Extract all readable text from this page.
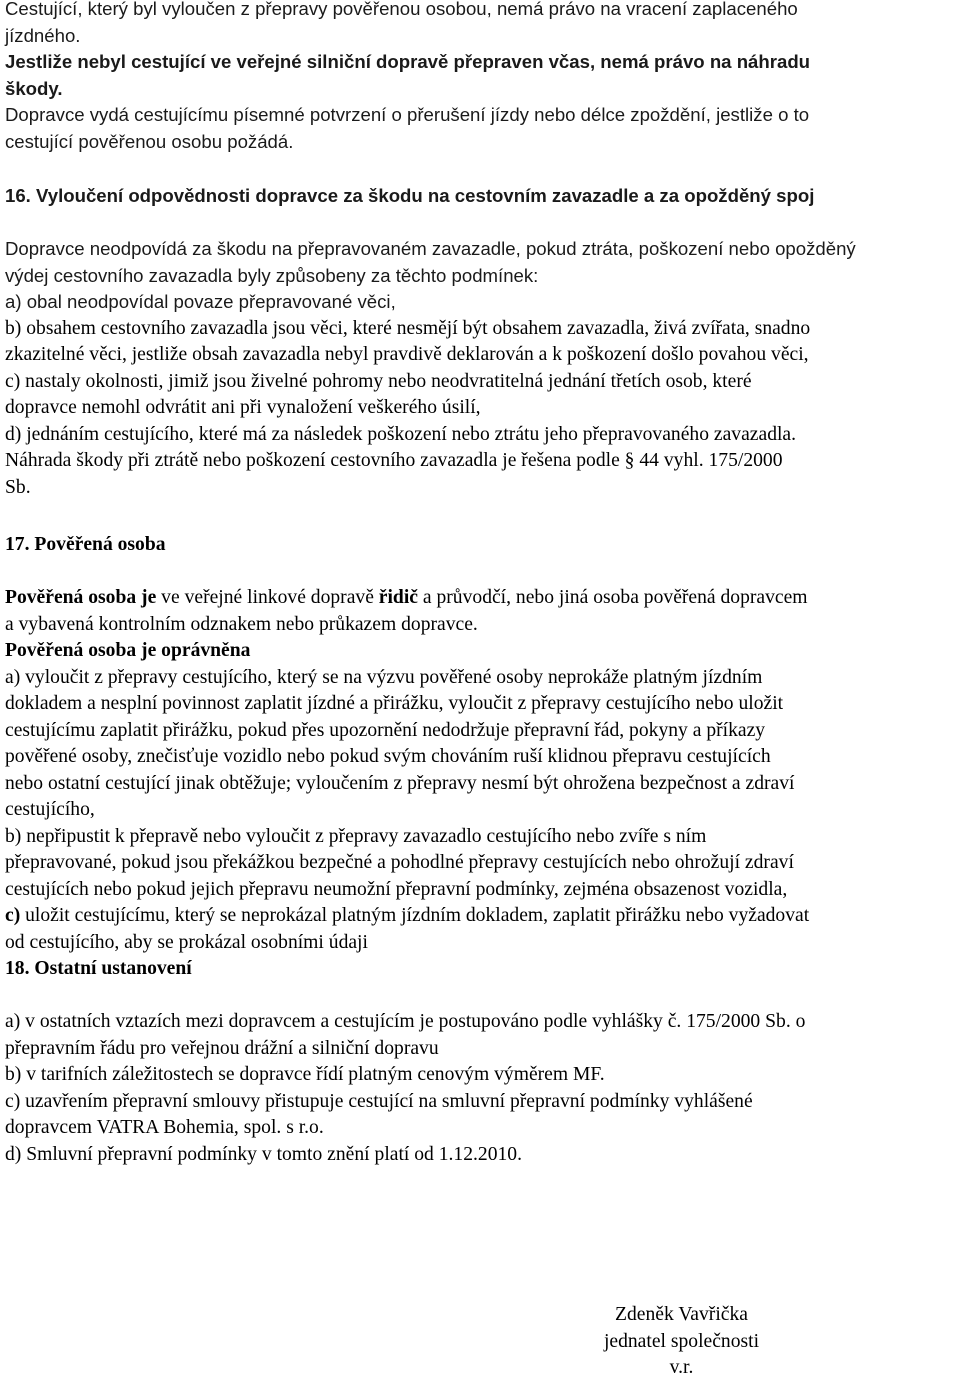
Cestující, který byl vyloučen z přepravy pověřenou osobou, nemá právo na vracení zaplaceného

jízdného.

Jestliže nebyl cestující ve veřejné silniční dopravě přepraven včas, nemá právo na náhradu

škody.

Dopravce vydá cestujícímu písemné potvrzení o přerušení jízdy nebo délce zpoždění, jestliže o to

cestující pověřenou osobu požádá.

16. Vyloučení odpovědnosti dopravce za škodu na cestovním zavazadle a za opožděný spoj

Dopravce neodpovídá za škodu na přepravovaném zavazadle, pokud ztráta, poškození nebo opožděný

výdej cestovního zavazadla byly způsobeny za těchto podmínek:

a) obal neodpovídal povaze přepravované věci,

b) obsahem cestovního zavazadla jsou věci, které nesmějí být obsahem zavazadla, živá zvířata, snadno

zkazitelné věci, jestliže obsah zavazadla nebyl pravdivě deklarován a k poškození došlo povahou věci,

c) nastaly okolnosti, jimiž jsou živelné pohromy nebo neodvratitelná jednání třetích osob, které

dopravce nemohl odvrátit ani při vynaložení veškerého úsilí,

d) jednáním cestujícího, které má za následek poškození nebo ztrátu jeho přepravovaného zavazadla.

Náhrada škody při ztrátě nebo poškození cestovního zavazadla je řešena podle § 44 vyhl. 175/2000

Sb.

17. Pověřená osoba

Pověřená osoba je ve veřejné linkové dopravě řidič a průvodčí, nebo jiná osoba pověřená dopravcem

a vybavená kontrolním odznakem nebo průkazem dopravce.

Pověřená osoba je oprávněna

a) vyloučit z přepravy cestujícího, který se na výzvu pověřené osoby neprokáže platným jízdním

dokladem a nesplní povinnost zaplatit jízdné a přirážku, vyloučit z přepravy cestujícího nebo uložit

cestujícímu zaplatit přirážku, pokud přes upozornění nedodržuje přepravní řád, pokyny a příkazy

pověřené osoby, znečisťuje vozidlo nebo pokud svým chováním ruší klidnou přepravu cestujících

nebo ostatní cestující jinak obtěžuje; vyloučením z přepravy nesmí být ohrožena bezpečnost a zdraví

cestujícího,

b) nepřipustit k přepravě nebo vyloučit z přepravy zavazadlo cestujícího nebo zvíře s ním

přepravované, pokud jsou překážkou bezpečné a pohodlné přepravy cestujících nebo ohrožují zdraví

cestujících nebo pokud jejich přepravu neumožní přepravní podmínky, zejména obsazenost vozidla,

c) uložit cestujícímu, který se neprokázal platným jízdním dokladem, zaplatit přirážku nebo vyžadovat

od cestujícího, aby se prokázal osobními údaji

18. Ostatní ustanovení

a) v ostatních vztazích mezi dopravcem a cestujícím je postupováno podle vyhlášky č. 175/2000 Sb. o

přepravním řádu pro veřejnou drážní a silniční dopravu

b) v tarifních záležitostech se dopravce řídí platným cenovým výměrem MF.

c) uzavřením přepravní smlouvy přistupuje cestující na smluvní přepravní podmínky vyhlášené

dopravcem VATRA Bohemia, spol. s r.o.

d) Smluvní přepravní podmínky v tomto znění platí od 1.12.2010.

Zdeněk Vavřička

jednatel společnosti

v.r.
